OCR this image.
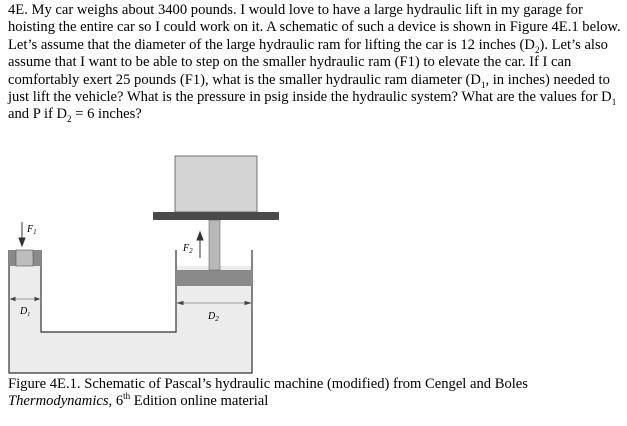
4E. My car weighs about 3400 pounds. I would love to have a large hydraulic lift in my garage for hoisting the entire car so I could work on it. A schematic of such a device is shown in Figure 4E.1 below. Let’s assume that the diameter of the large hydraulic ram for lifting the car is 12 inches $(D_2)$. Let’s also assume that I want to be able to step on the smaller hydraulic ram (F1) to elevate the car. If I can comfortably exert 25 pounds (F1), what is the smaller hydraulic ram diameter ($D_1$, in inches) needed to just lift the vehicle? What is the pressure in psig inside the hydraulic system? What are the values for $D_1$ and P if $D_2 = 6$ inches?

$F_1$
$F_2$
$D_1$	$D_2$

Figure 4E.1. Schematic of Pascal’s hydraulic machine (modified) from Cengel and Boles Thermodynamics, 6th Edition online material
